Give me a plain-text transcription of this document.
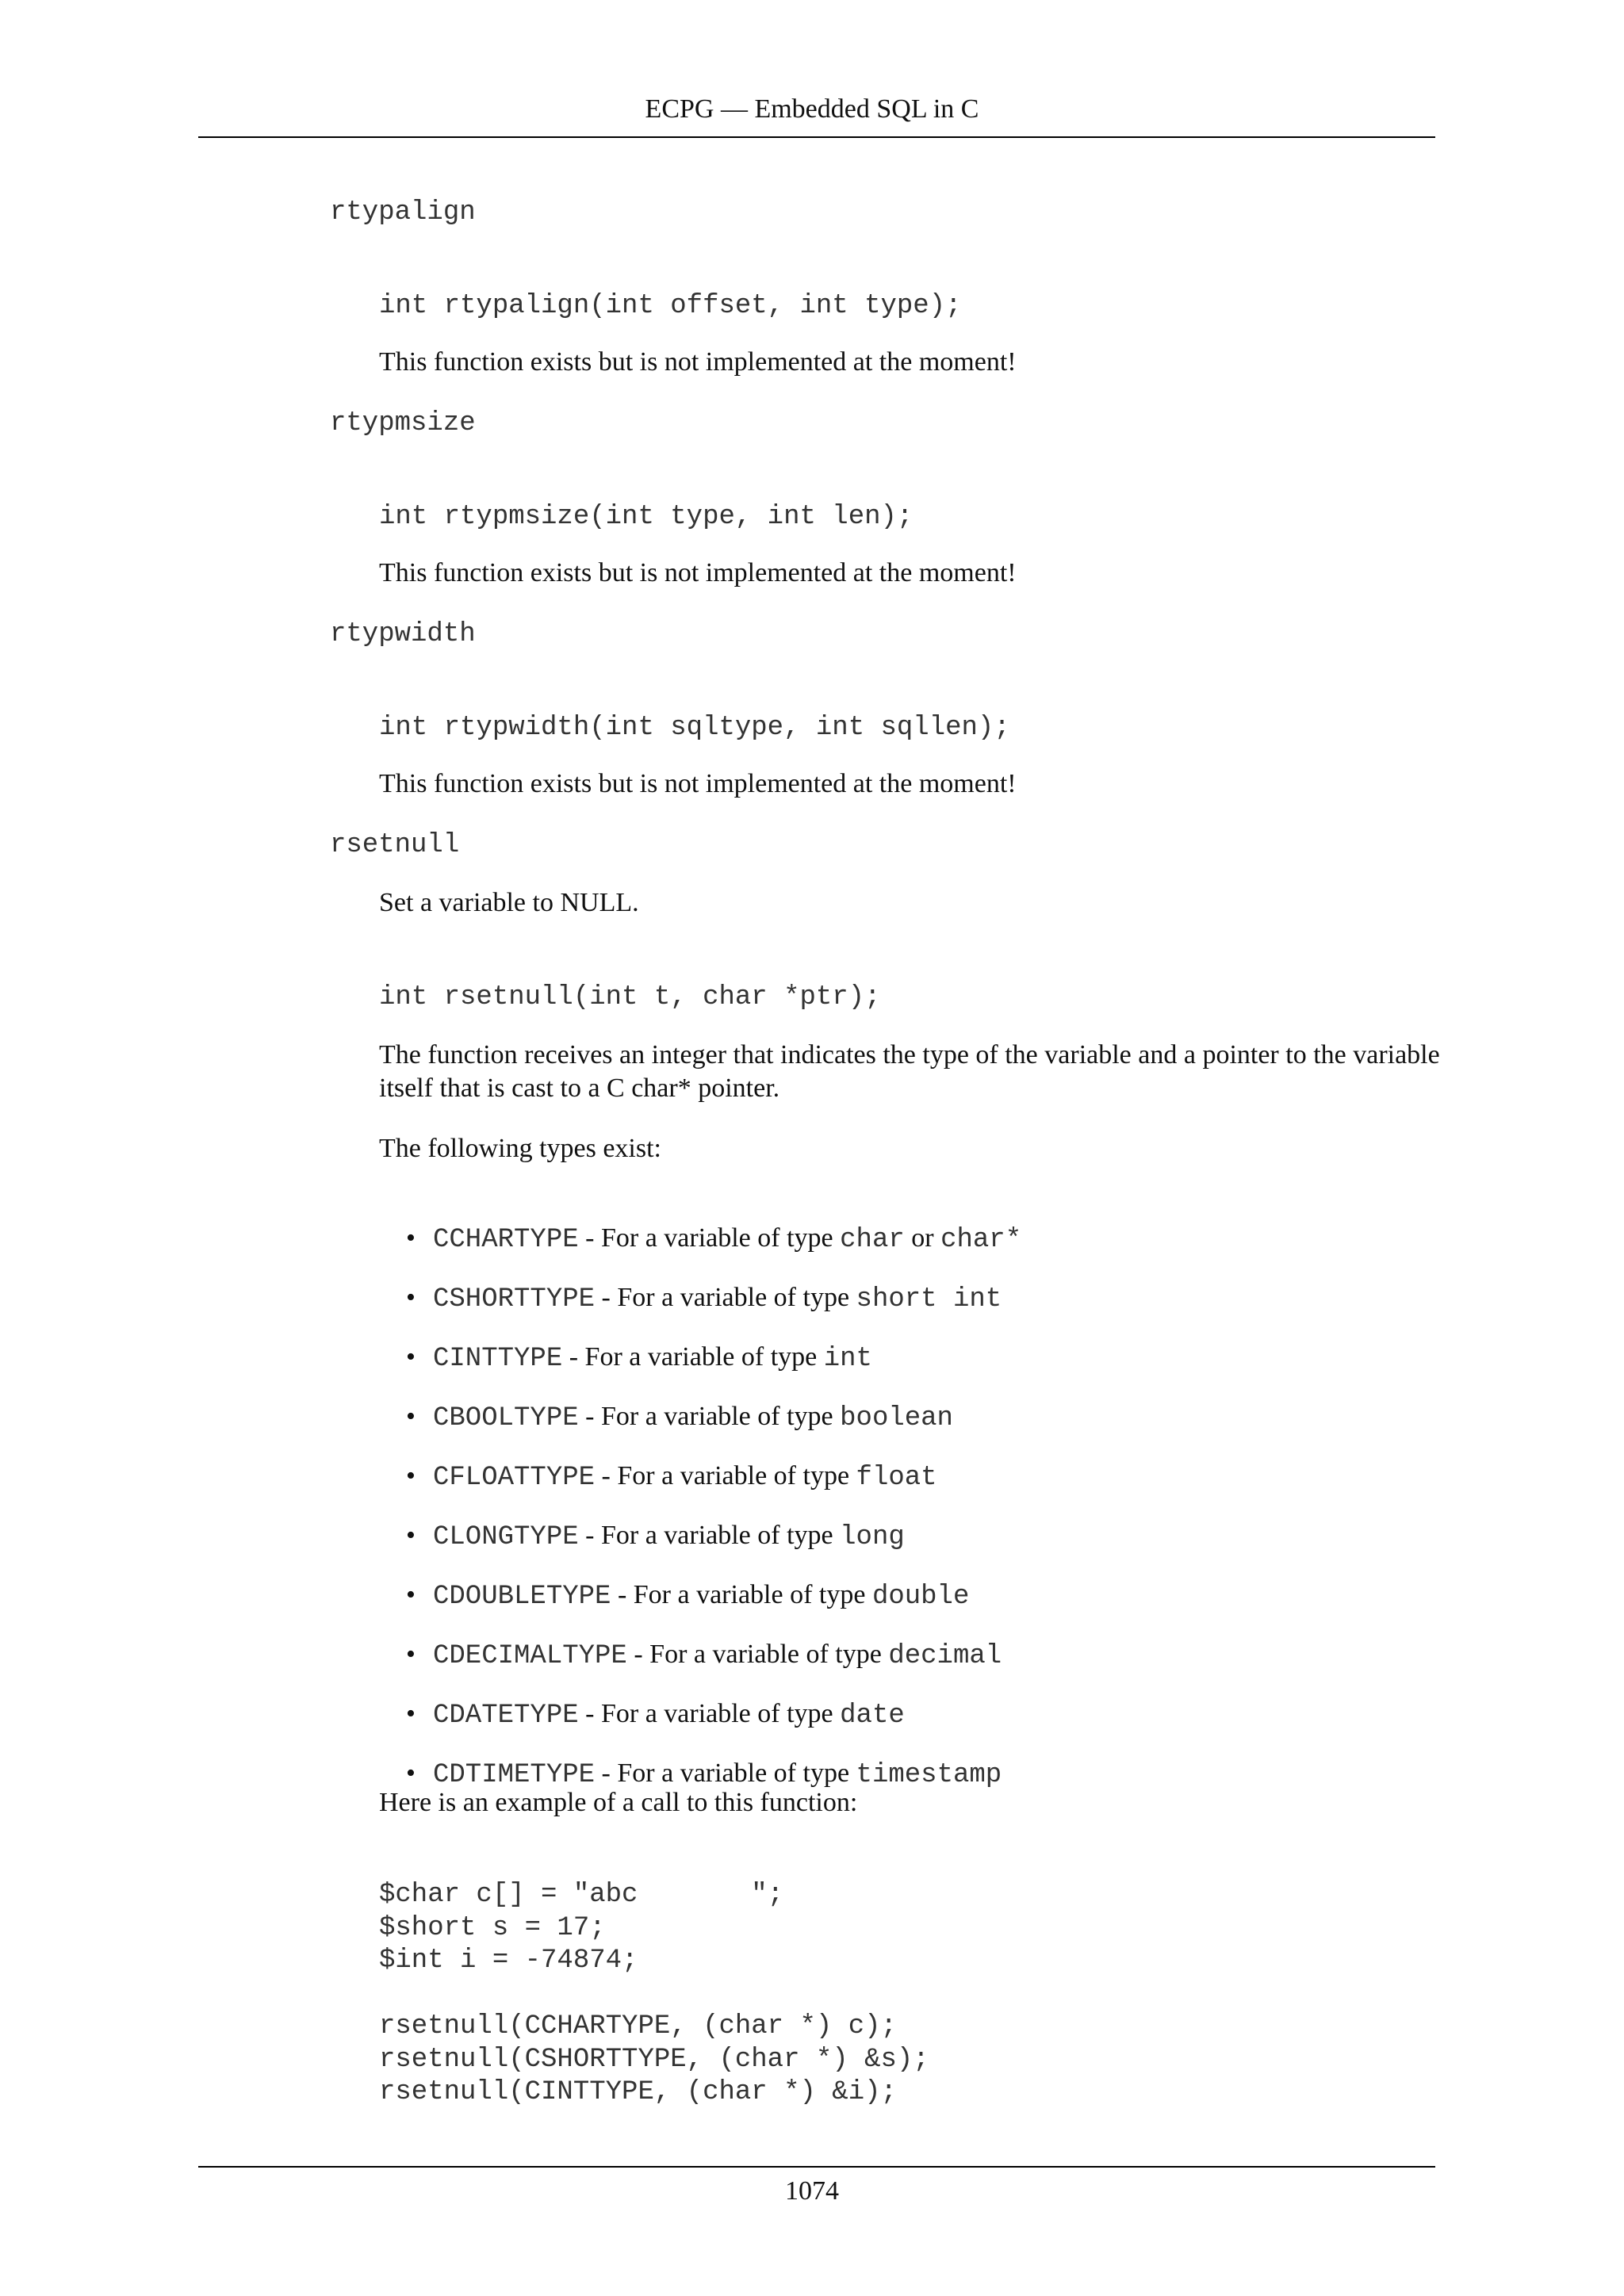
ECPG — Embedded SQL in C
rtypalign
int rtypalign(int offset, int type);
This function exists but is not implemented at the moment!
rtypmsize
int rtypmsize(int type, int len);
This function exists but is not implemented at the moment!
rtypwidth
int rtypwidth(int sqltype, int sqllen);
This function exists but is not implemented at the moment!
rsetnull
Set a variable to NULL.
int rsetnull(int t, char *ptr);
The function receives an integer that indicates the type of the variable and a pointer to the variable itself that is cast to a C char* pointer.
The following types exist:

• CCHARTYPE - For a variable of type char or char*

• CSHORTTYPE - For a variable of type short int

• CINTTYPE - For a variable of type int

• CBOOLTYPE - For a variable of type boolean

• CFLOATTYPE - For a variable of type float

• CLONGTYPE - For a variable of type long

• CDOUBLETYPE - For a variable of type double

• CDECIMALTYPE - For a variable of type decimal

• CDATETYPE - For a variable of type date

• CDTIMETYPE - For a variable of type timestamp

Here is an example of a call to this function:
$char c[] = "abc       ";
$short s = 17;
$int i = -74874;

rsetnull(CCHARTYPE, (char *) c);
rsetnull(CSHORTTYPE, (char *) &s);
rsetnull(CINTTYPE, (char *) &i);
1074
